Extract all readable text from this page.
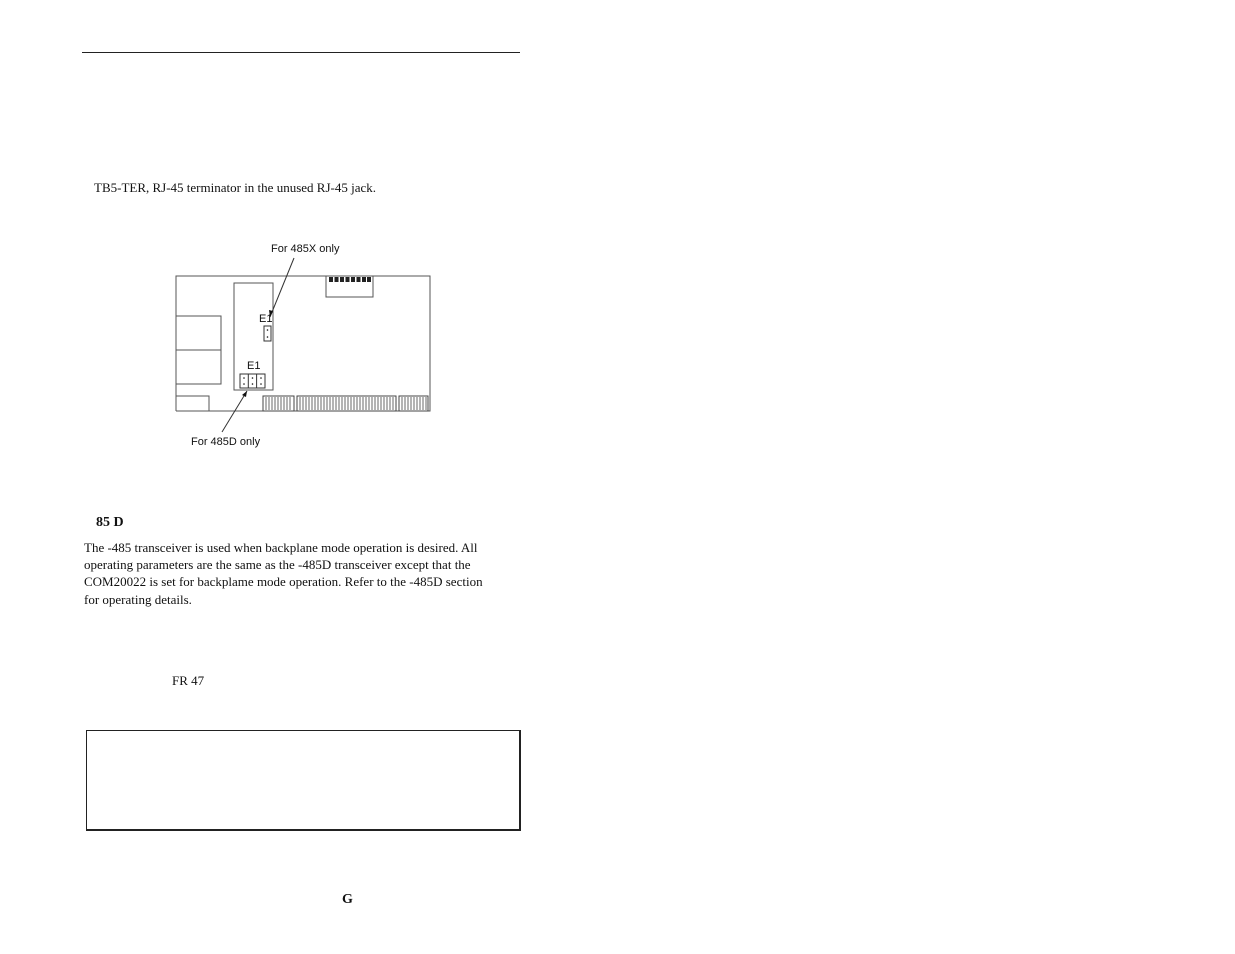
TB5-TER, RJ-45 terminator in the unused RJ-45 jack.
For 485X only
For 485D only
E1
E1
85 D
The -485 transceiver is used when backplane mode operation is desired. All
operating parameters are the same as the -485D transceiver except that the
COM20022 is set for backplame mode operation. Refer to the -485D section
for operating details.
FR 47
G
